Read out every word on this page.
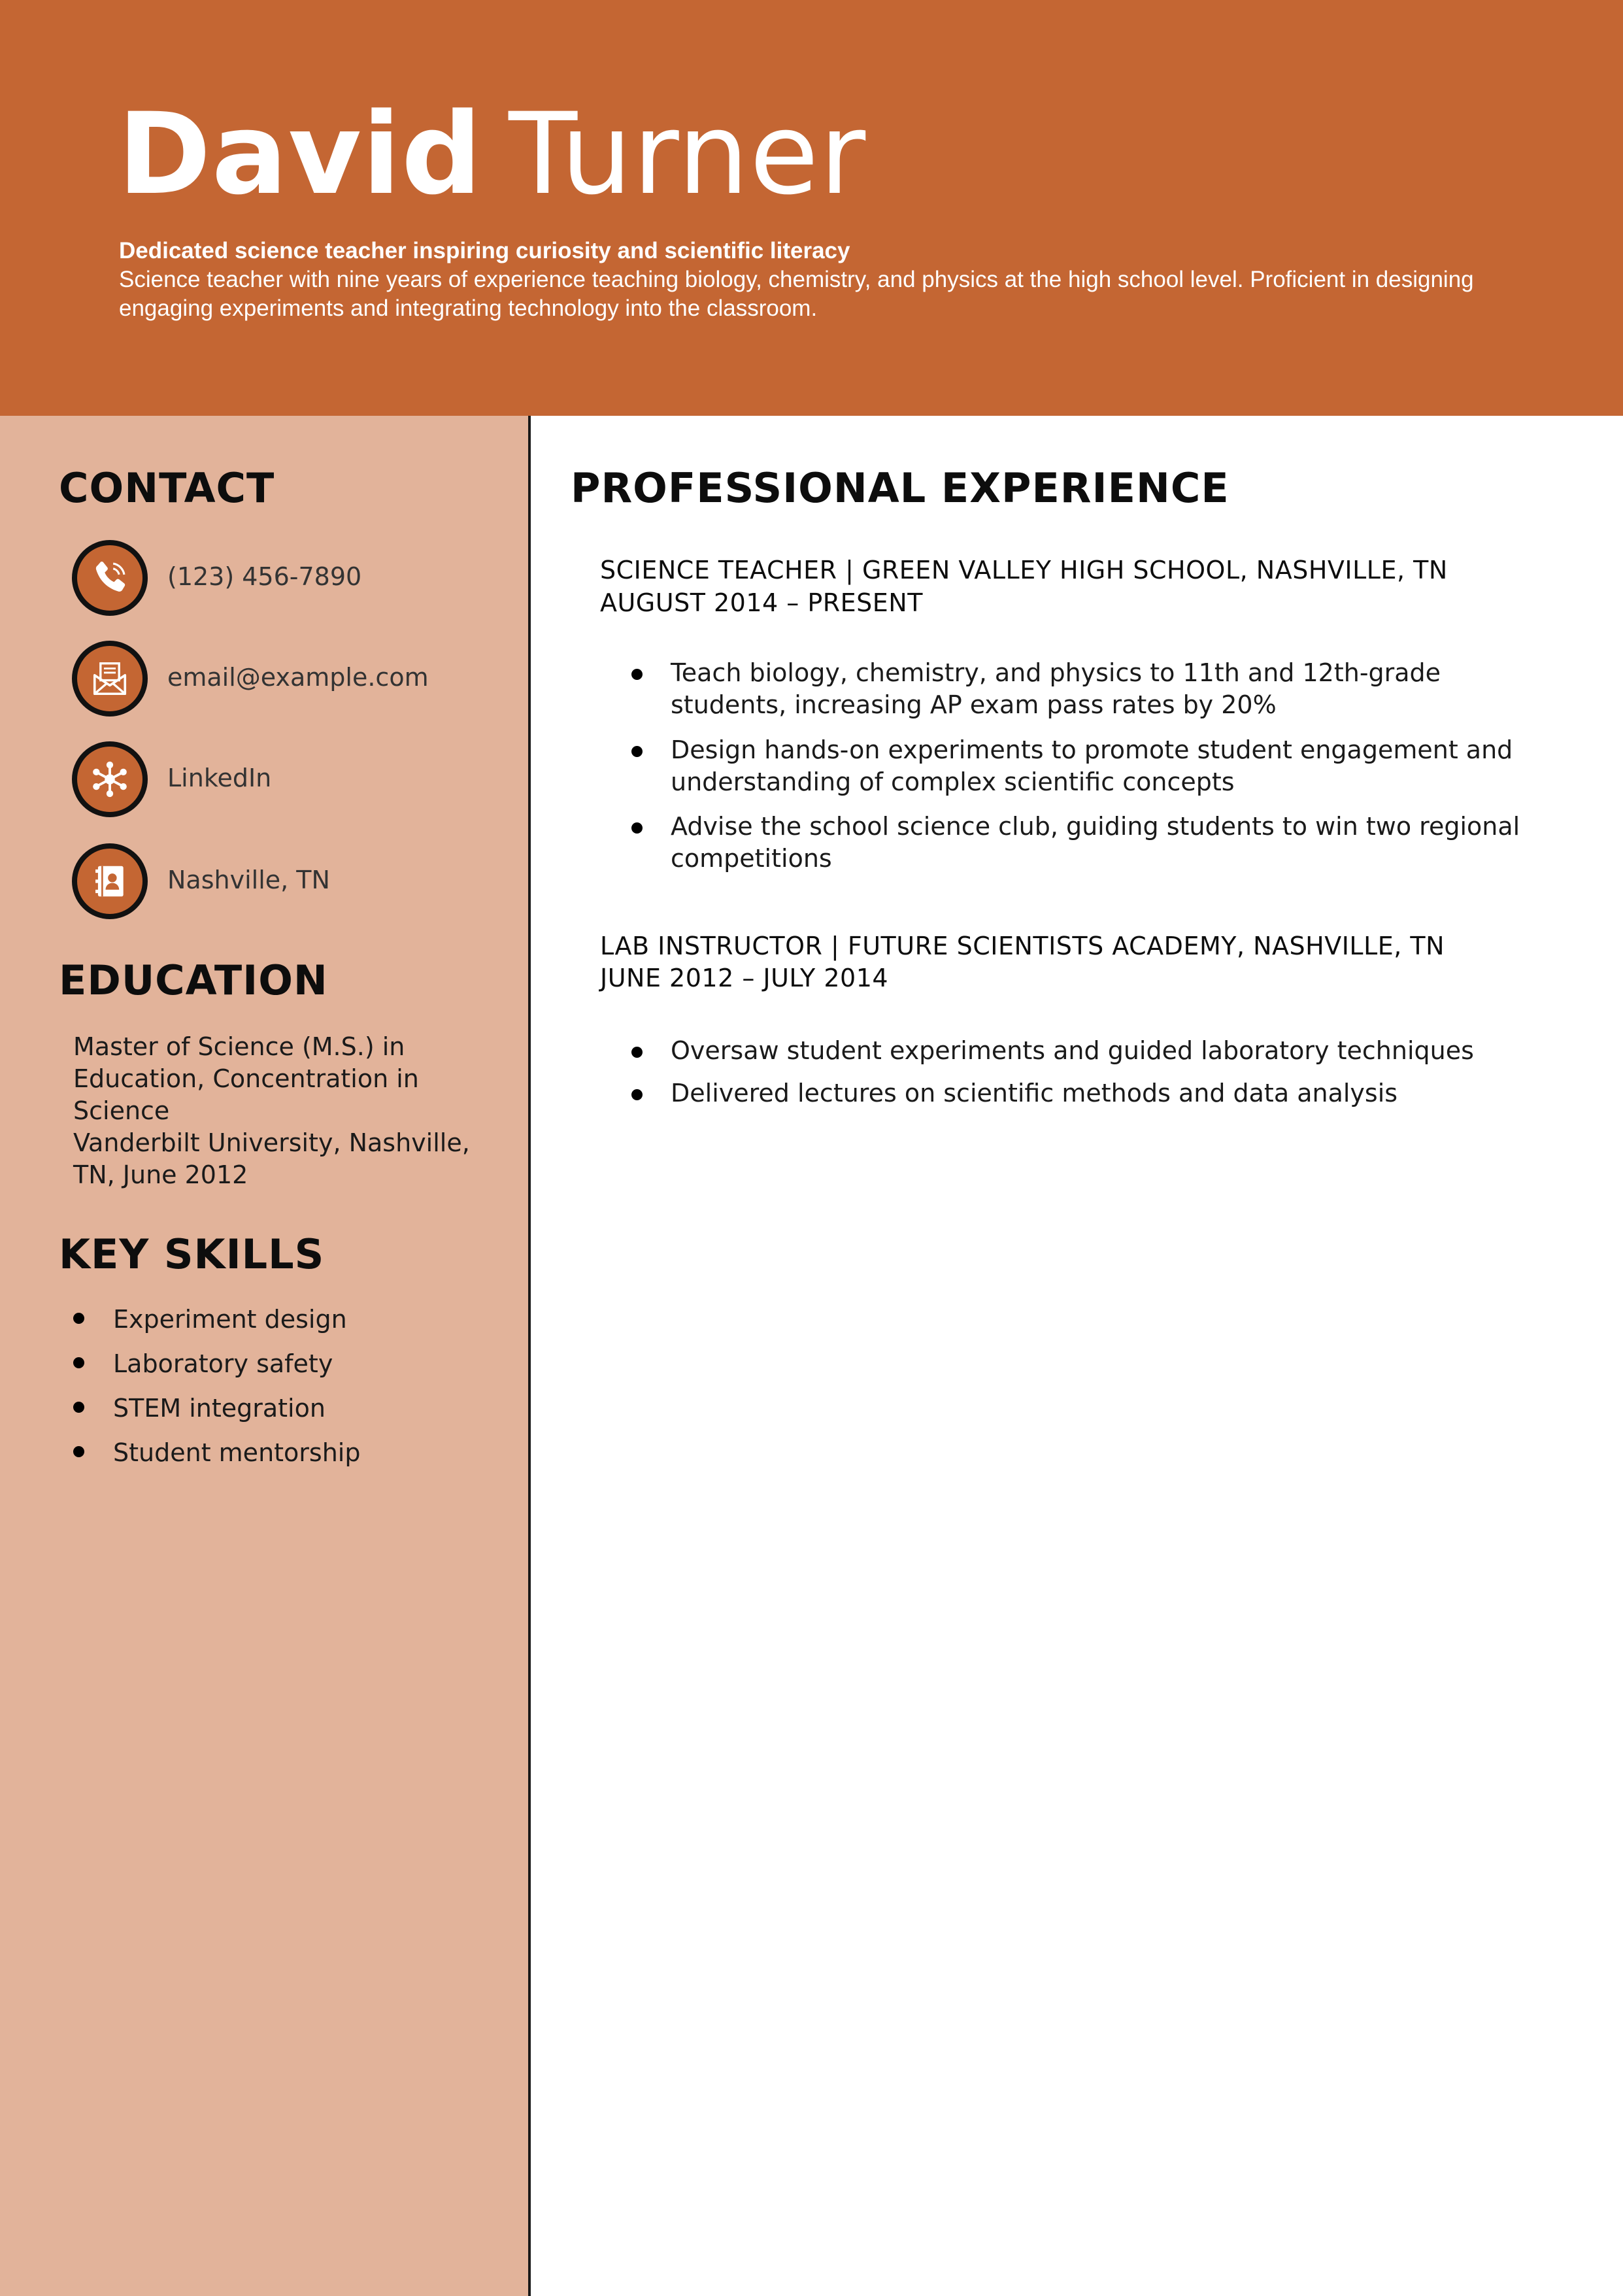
David Turner
Dedicated science teacher inspiring curiosity and scientific literacy
Science teacher with nine years of experience teaching biology, chemistry, and physics at the high school level. Proficient in designing engaging experiments and integrating technology into the classroom.
CONTACT
(123) 456-7890
email@example.com
LinkedIn
Nashville, TN
EDUCATION
Master of Science (M.S.) in
Education, Concentration in
Science
Vanderbilt University, Nashville,
TN, June 2012
KEY SKILLS
Experiment design
Laboratory safety
STEM integration
Student mentorship
PROFESSIONAL EXPERIENCE
SCIENCE TEACHER | GREEN VALLEY HIGH SCHOOL, NASHVILLE, TN
AUGUST 2014 – PRESENT
Teach biology, chemistry, and physics to 11th and 12th-grade students, increasing AP exam pass rates by 20%
Design hands-on experiments to promote student engagement and understanding of complex scientific concepts
Advise the school science club, guiding students to win two regional competitions
LAB INSTRUCTOR | FUTURE SCIENTISTS ACADEMY, NASHVILLE, TN
JUNE 2012 – JULY 2014
Oversaw student experiments and guided laboratory techniques
Delivered lectures on scientific methods and data analysis
